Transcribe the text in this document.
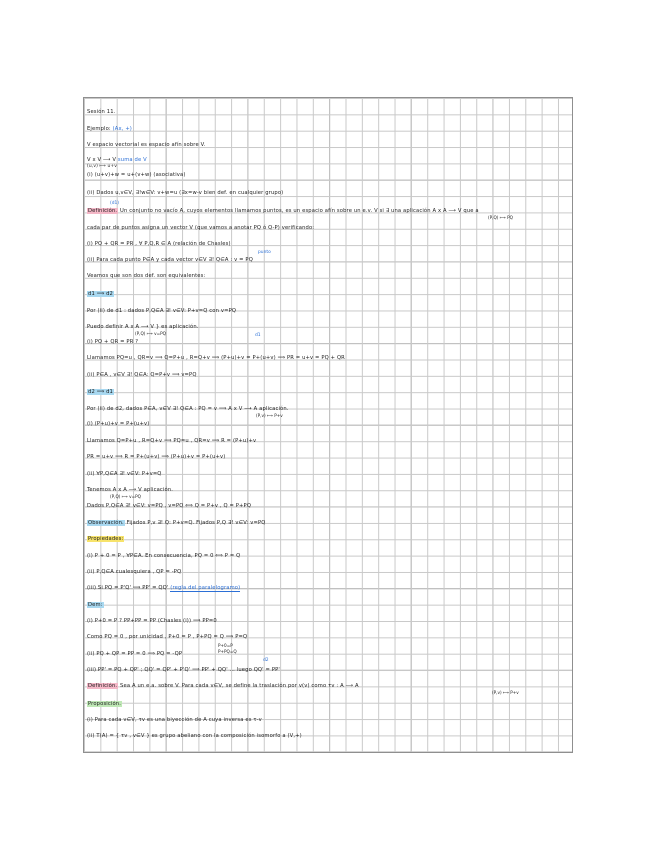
Sesión 11.
Ejemplo: (Ax, +)
V espacio vectorial es espacio afín sobre V.
V x V ⟶ V suma de V
(u,v) ⟼ u+v
(i) (u+v)+w = u+(v+w) (asociativa)
(ii) Dados u,v∈V, ∃!w∈V: v+w=u (∃x=w-v bien def. en cualquier grupo)
(d1)
Definición. Un conjunto no vacío A, cuyos elementos llamamos puntos, es un espacio afín sobre un e.v. V si ∃ una aplicación A x A ⟶ V que a
(P,Q) ⟼ PQ
cada par de puntos asigna un vector V (que vamos a anotar PQ ó Q-P) verificando:
(i) PQ + QR = PR , ∀ P,Q,R ∈ A (relación de Chasles)
punto
(ii) Para cada punto P∈A y cada vector v∈V ∃! Q∈A : v = PQ
Veamos que son dos def. son equivalentes:
d1 ⟹ d2
Por (ii) de d1 : dados P,Q∈A ∃! v∈V: P+v=Q con v=PQ
Puedo definir A x A ⟶ V } es aplicación.
(P,Q) ⟼ v=PQ	d1
(i) PQ + QR = PR ?
Llamamos PQ=u , QR=v ⟹ Q=P+u , R=Q+v ⟹ (P+u)+v = P+(u+v) ⟹ PR = u+v = PQ + QR
(ii) P∈A , v∈V ∃! Q∈A: Q=P+v ⟹ v=PQ
d2 ⟹ d1
Por (ii) de d2, dados P∈A, v∈V ∃! Q∈A : PQ = v ⟹ A x V ⟶ A aplicación.
(P,v) ⟼ P+v
(i) (P+u)+v = P+(u+v)
Llamamos Q=P+u , R=Q+v ⟹ PQ=u , QR=v ⟹ R = (P+u)+v
PR = u+v ⟹ R = P+(u+v) ⟹ (P+u)+v = P+(u+v)
(ii) ∀P,Q∈A ∃! v∈V: P+v=Q
Tenemos A x A ⟶ V aplicación.
(P,Q) ⟼ v=PQ
Dados P,Q∈A ∃! v∈V: v=PQ , v=PQ ⟺ Q = P+v , Q = P+PQ
Observación. Fijados P,v ∃! Q: P+v=Q. Fijados P,Q ∃! v∈V: v=PQ
Propiedades:
(i) P + 0 = P , ∀P∈A. En consecuencia, PQ = 0 ⟺ P = Q
(ii) P,Q∈A cualesquiera , QP = -PQ
(iii) Si PQ = P'Q' ⟹ PP' = QQ' (regla del paralelogramo)
Dem:
(i) P+0 = P ? PP+PP = PP (Chasles (i)) ⟹ PP=0
Como PQ = 0 , por unicidad , P+0 = P , P+PQ = Q ⟹ P=Q
P+0=P
P+PQ=Q
(ii) PQ + QP = PP = 0 ⟹ PQ = -QP
d2
(iii) PP' = PQ + QP' ; QQ' = QP' + P'Q' ⟹ PP' + QQ' ... luego QQ' = PP'
Definición. Sea A un e.a. sobre V. Para cada v∈V, se define la traslación por v(v) como τv : A ⟶ A
(P,v) ⟼ P+v
Proposición.
(i) Para cada v∈V, τv es una biyección de A cuya inversa es τ-v
(ii) T(A) = { τv , v∈V } es grupo abeliano con la composición isomorfo a (V,+)
